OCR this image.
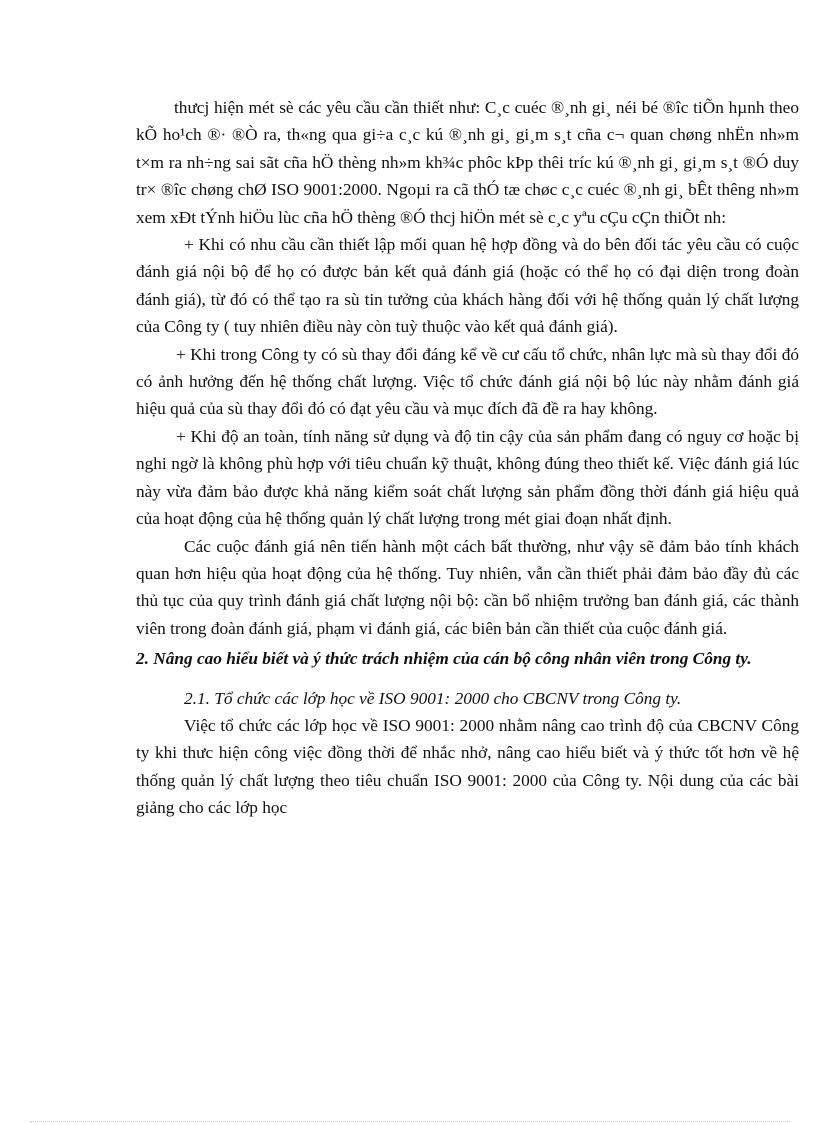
thưcj hiện mét sè các yêu cầu cần thiết như: C¸c cuéc ®¸nh gi¸ néi bé ®îc tiÕn hµnh theo kÕ ho¹ch ®· ®Ò ra, th«ng qua gi÷a c¸c kú ®¸nh gi¸ gi¸m s¸t cña c¬ quan chøng nhËn nh»m t×m ra nh÷ng sai sãt cña hÖ thèng nh»m kh¾c phôc kÞp thêi tríc kú ®¸nh gi¸ gi¸m s¸t ®Ó duy tr× ®îc chøng chØ ISO 9001:2000. Ngoµi ra cã thÓ tæ chøc c¸c cuéc ®¸nh gi¸ bÊt thêng nh»m xem xÐt tÝnh hiÖu lùc cña hÖ thèng ®Ó thcj hiÖn mét sè c¸c yªu cÇu cÇn thiÕt nh:

+ Khi có nhu cầu cần thiết lập mối quan hệ hợp đồng và do bên đối tác yêu cầu có cuộc đánh giá nội bộ để họ có được bản kết quả đánh giá (hoặc có thể họ có đại diện trong đoàn đánh giá), từ đó có thể tạo ra sù tin tưởng của khách hàng đối với hệ thống quản lý chất lượng của Công ty ( tuy nhiên điều này còn tuỳ thuộc vào kết quả đánh giá).

+ Khi trong Công ty có sù thay đổi đáng kể về cư cấu tổ chức, nhân lực mà sù thay đổi đó có ảnh hưởng đến hệ thống chất lượng. Việc tổ chức đánh giá nội bộ lúc này nhằm đánh giá hiệu quả của sù thay đổi đó có đạt yêu cầu và mục đích đã đề ra hay không.

+ Khi độ an toàn, tính năng sử dụng và độ tin cậy của sản phẩm đang có nguy cơ hoặc bị nghi ngờ là không phù hợp với tiêu chuẩn kỹ thuật, không đúng theo thiết kế. Việc đánh giá lúc này vừa đảm bảo được khả năng kiểm soát chất lượng sản phẩm đồng thời đánh giá hiệu quả của hoạt động của hệ thống quản lý chất lượng trong mét giai đoạn nhất định.

Các cuộc đánh giá nên tiến hành một cách bất thường, như vậy sẽ đảm bảo tính khách quan hơn hiệu qủa hoạt động của hệ thống. Tuy nhiên, vẫn cần thiết phải đảm bảo đầy đủ các thủ tục của quy trình đánh giá chất lượng nội bộ: cần bổ nhiệm trưởng ban đánh giá, các thành viên trong đoàn đánh giá, phạm vi đánh giá, các biên bản cần thiết của cuộc đánh giá.

2. Nâng cao hiểu biết và ý thức trách nhiệm của cán bộ công nhân viên trong Công ty.

2.1. Tổ chức các lớp học về ISO 9001: 2000 cho CBCNV trong Công ty.

Việc tổ chức các lớp học về ISO 9001: 2000 nhằm nâng cao trình độ của CBCNV Công ty khi thưc hiện công việc đồng thời để nhắc nhở, nâng cao hiểu biết và ý thức tốt hơn về hệ thống quản lý chất lượng theo tiêu chuẩn ISO 9001: 2000 của Công ty. Nội dung của các bài giảng cho các lớp học
